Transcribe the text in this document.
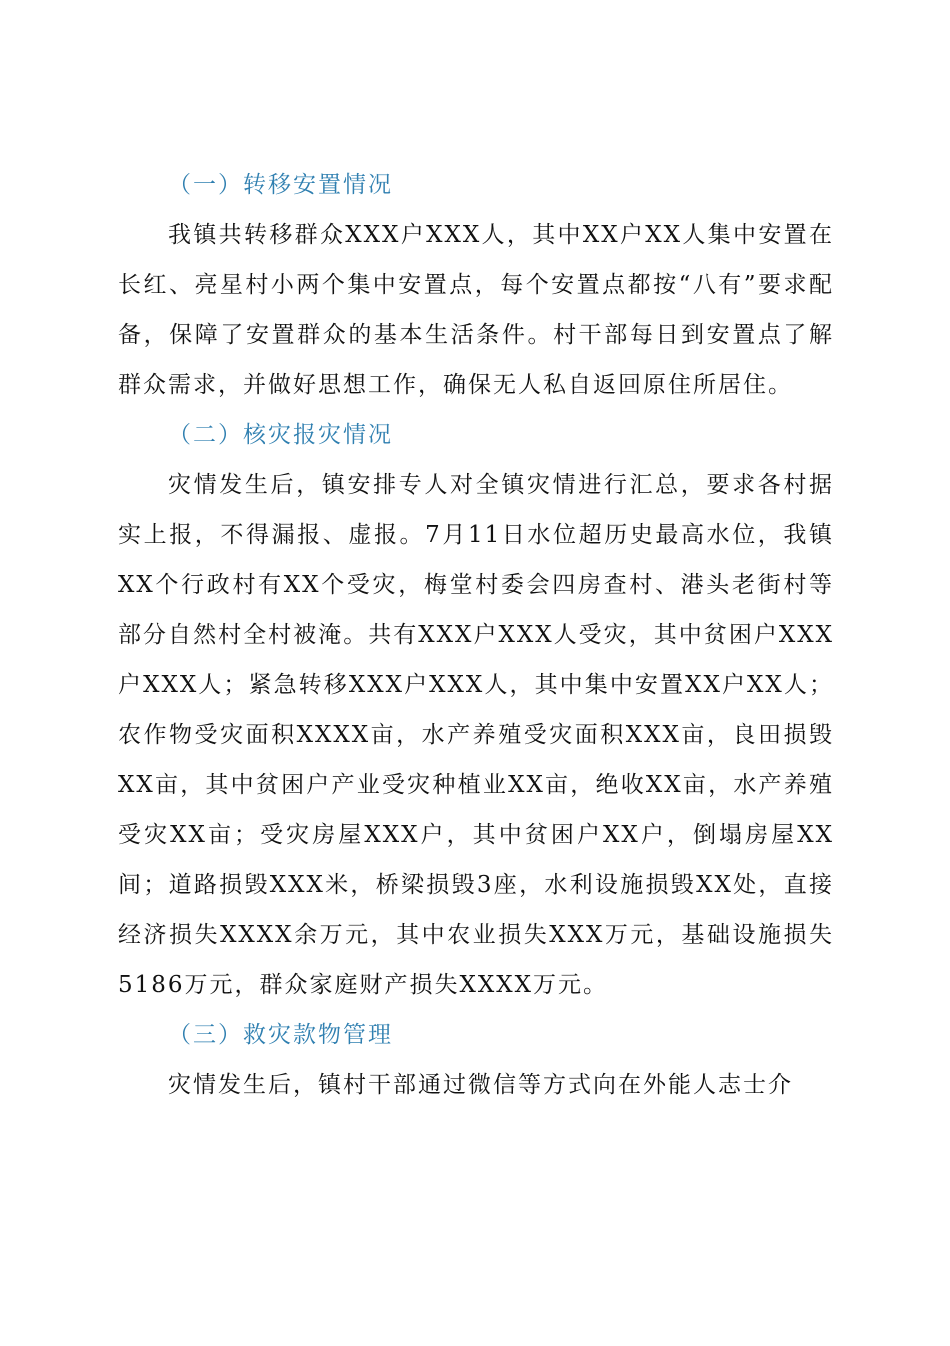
（一）转移安置情况

我镇共转移群众XXX户XXX人，其中XX户XX人集中安置在长红、亮星村小两个集中安置点，每个安置点都按“八有”要求配备，保障了安置群众的基本生活条件。村干部每日到安置点了解群众需求，并做好思想工作，确保无人私自返回原住所居住。

（二）核灾报灾情况

灾情发生后，镇安排专人对全镇灾情进行汇总，要求各村据实上报，不得漏报、虚报。7月11日水位超历史最高水位，我镇XX个行政村有XX个受灾，梅堂村委会四房查村、港头老街村等部分自然村全村被淹。共有XXX户XXX人受灾，其中贫困户XXX户XXX人；紧急转移XXX户XXX人，其中集中安置XX户XX人；农作物受灾面积XXXX亩，水产养殖受灾面积XXX亩，良田损毁XX亩，其中贫困户产业受灾种植业XX亩，绝收XX亩，水产养殖受灾XX亩；受灾房屋XXX户，其中贫困户XX户，倒塌房屋XX间；道路损毁XXX米，桥梁损毁3座，水利设施损毁XX处，直接经济损失XXXX余万元，其中农业损失XXX万元，基础设施损失5186万元，群众家庭财产损失XXXX万元。

（三）救灾款物管理

灾情发生后，镇村干部通过微信等方式向在外能人志士介
